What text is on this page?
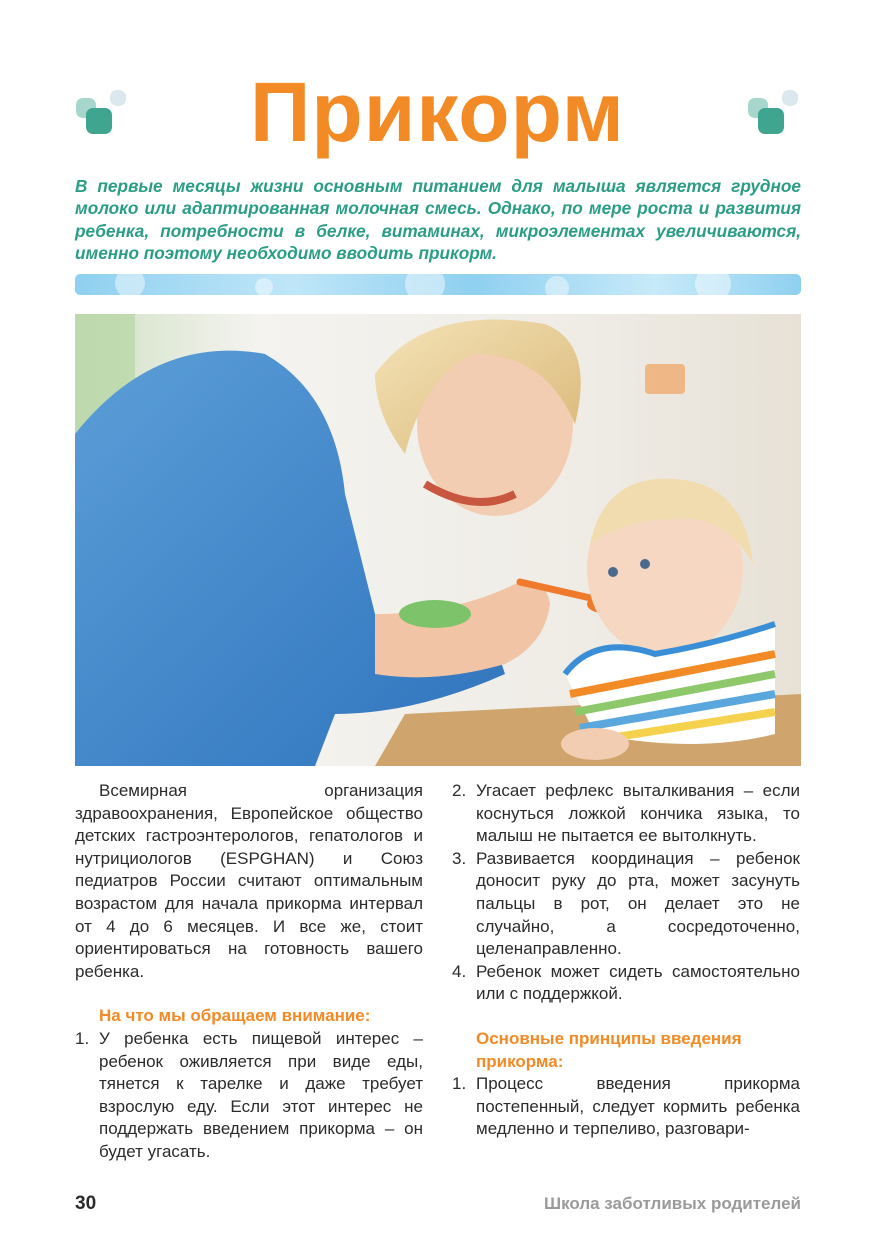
Прикорм

В первые месяцы жизни основным питанием для малыша является грудное молоко или адаптированная молочная смесь. Однако, по мере роста и развития ребенка, потребности в белке, витаминах, микроэлементах увеличиваются, именно поэтому необходимо вводить прикорм.

Всемирная организация здравоохранения, Европейское общество детских гастроэнтерологов, гепатологов и нутрициологов (ESPGHAN) и Союз педиатров России считают оптимальным возрастом для начала прикорма интервал от 4 до 6 месяцев. И все же, стоит ориентироваться на готовность вашего ребенка.

На что мы обращаем внимание:

1. У ребенка есть пищевой интерес – ребенок оживляется при виде еды, тянется к тарелке и даже требует взрослую еду. Если этот интерес не поддержать введением прикорма – он будет угасать.
2. Угасает рефлекс выталкивания – если коснуться ложкой кончика языка, то малыш не пытается ее вытолкнуть.
3. Развивается координация – ребенок доносит руку до рта, может засунуть пальцы в рот, он делает это не случайно, а сосредоточенно, целенаправленно.
4. Ребенок может сидеть самостоятельно или с поддержкой.

Основные принципы введения прикорма:

1. Процесс введения прикорма постепенный, следует кормить ребенка медленно и терпеливо, разговари-
30	Школа заботливых родителей
